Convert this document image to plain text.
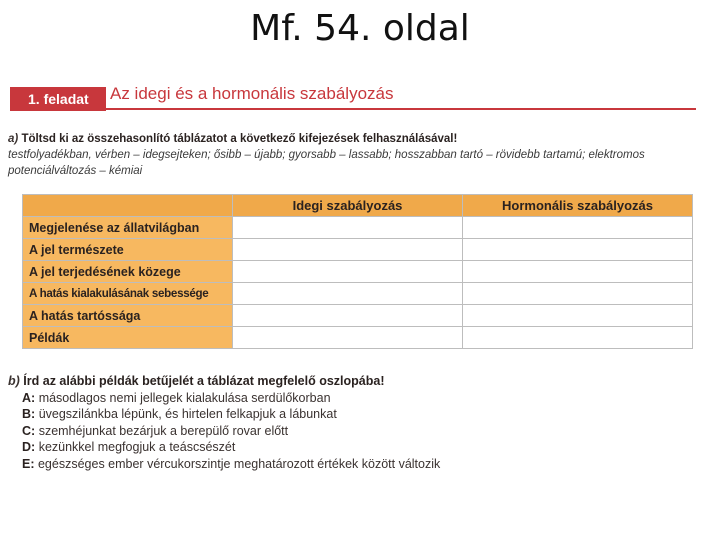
Mf. 54. oldal
1. feladat	Az idegi és a hormonális szabályozás
a) Töltsd ki az összehasonlító táblázatot a következő kifejezések felhasználásával!
testfolyadékban, vérben – idegsejteken; ősibb – újabb; gyorsabb – lassabb; hosszabban tartó – rövidebb tartamú; elektromos potenciálváltozás – kémiai
	Idegi szabályozás	Hormonális szabályozás
Megjelenése az állatvilágban		
A jel természete		
A jel terjedésének közege		
A hatás kialakulásának sebessége		
A hatás tartóssága		
Példák		
b) Írd az alábbi példák betűjelét a táblázat megfelelő oszlopába!
A: másodlagos nemi jellegek kialakulása serdülőkorban
B: üvegszilánkba lépünk, és hirtelen felkapjuk a lábunkat
C: szemhéjunkat bezárjuk a berepülő rovar előtt
D: kezünkkel megfogjuk a teáscsészét
E: egészséges ember vércukorszintje meghatározott értékek között változik
